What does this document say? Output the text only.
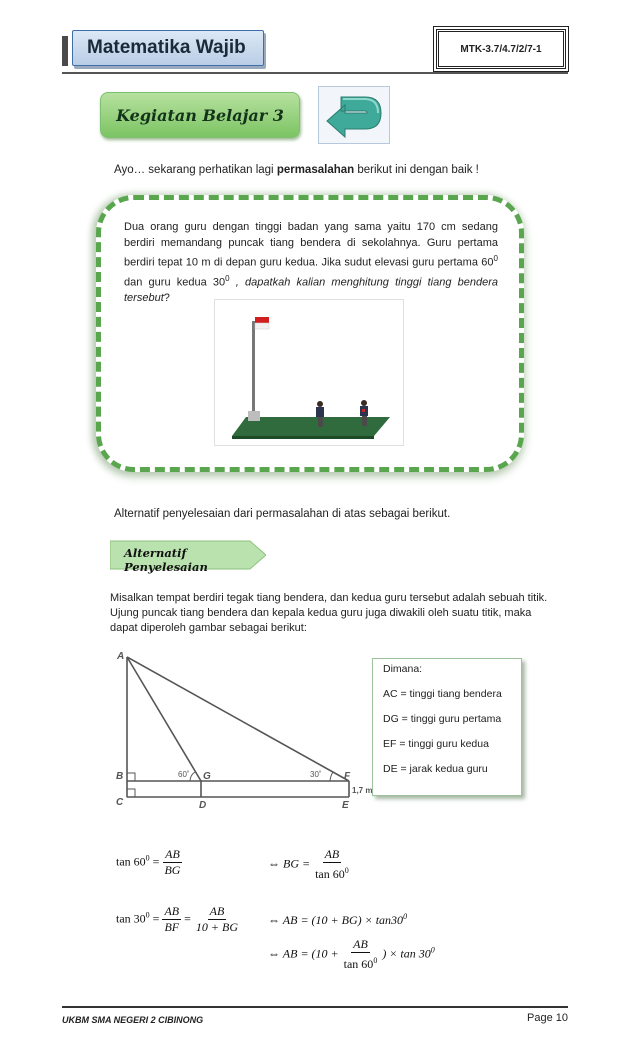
Matematika Wajib	MTK-3.7/4.7/2/7-1
Kegiatan Belajar 3
Ayo… sekarang perhatikan lagi permasalahan berikut ini dengan baik !
Dua orang guru dengan tinggi badan yang sama yaitu 170 cm sedang berdiri memandang puncak tiang bendera di sekolahnya. Guru pertama berdiri tepat 10 m di depan guru kedua. Jika sudut elevasi guru pertama $60^0$ dan guru kedua $30^0$ , dapatkah kalian menghitung tinggi tiang bendera tersebut?
Alternatif penyelesaian dari permasalahan di atas sebagai berikut.
Alternatif Penyelesaian
Misalkan tempat berdiri tegak tiang bendera, dan kedua guru tersebut adalah sebuah titik.
Ujung puncak tiang bendera dan kepala kedua guru juga diwakili oleh suatu titik, maka
dapat diperoleh gambar sebagai berikut:
A
B
C	D	E
F
G
60˚	30˚
1,7 m

Dimana:

AC = tinggi tiang bendera

DG = tinggi guru pertama

EF = tinggi guru kedua

DE = jarak kedua guru

$\tan 60^0 = \frac{AB}{BG}$	⇔ BG = $\frac{AB}{\tan 60^0}$
$\tan 30^0 = \frac{AB}{BF} = \frac{AB}{10 + BG}$ ⇔ AB = $(10 + BG) \times \tan 30^0$
⇔ AB = ($10 + \frac{AB}{\tan 60^0}$ ) × $\tan 30^0$
UKBM SMA NEGERI 2 CIBINONG	Page 10
